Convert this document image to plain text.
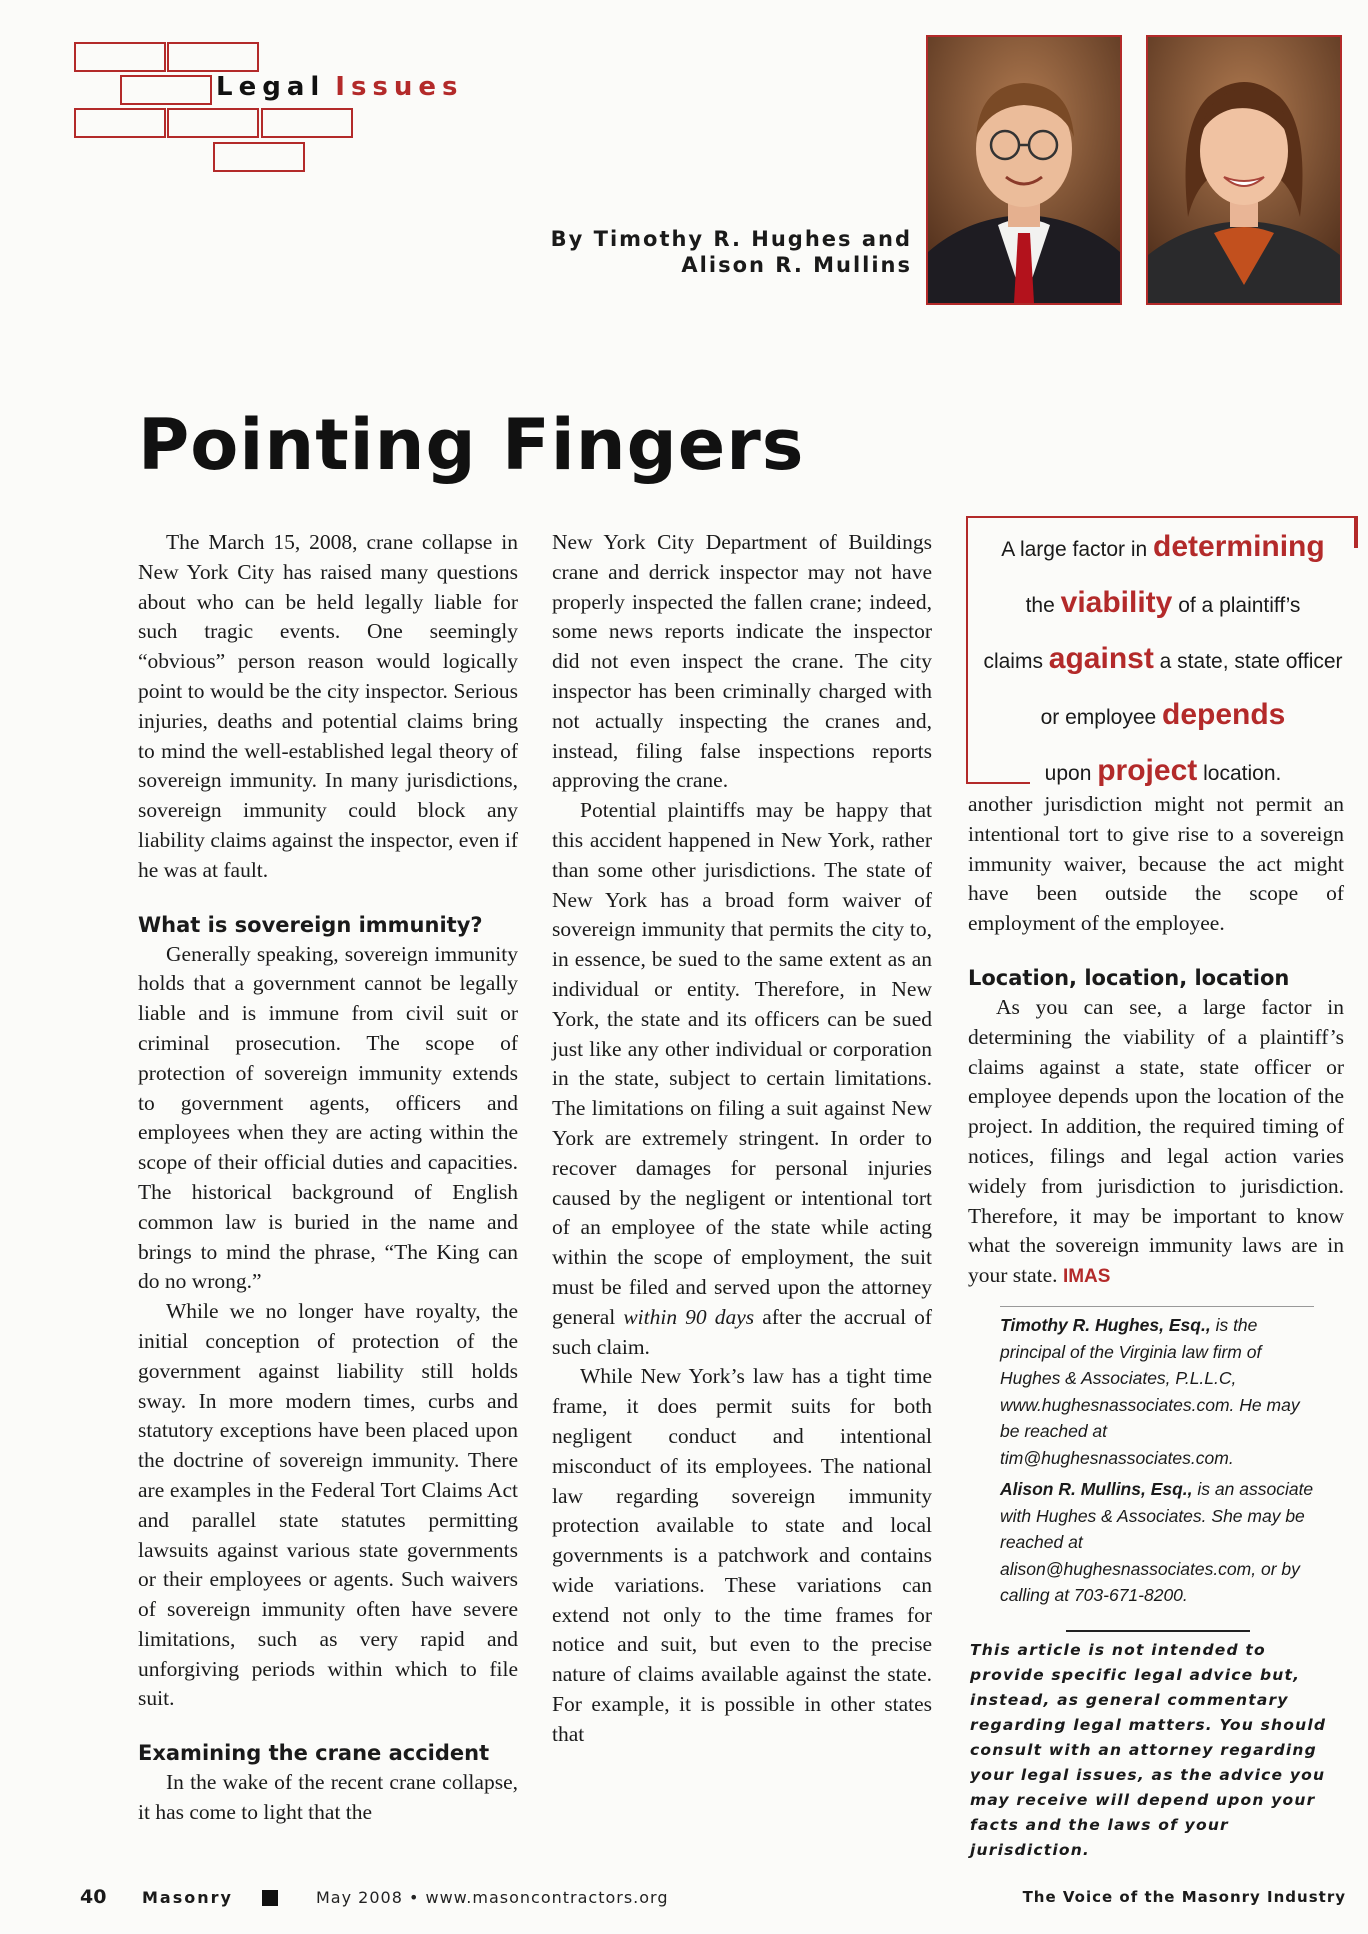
Legal Issues
By Timothy R. Hughes and
Alison R. Mullins
Pointing Fingers

The March 15, 2008, crane collapse in New York City has raised many questions about who can be held legally liable for such tragic events. One seemingly “obvious” person reason would logically point to would be the city inspector. Serious injuries, deaths and potential claims bring to mind the well-established legal theory of sovereign immunity. In many jurisdictions, sovereign immunity could block any liability claims against the inspector, even if he was at fault.

What is sovereign immunity?

Generally speaking, sovereign immunity holds that a government cannot be legally liable and is immune from civil suit or criminal prosecution. The scope of protection of sovereign immunity extends to government agents, officers and employees when they are acting within the scope of their official duties and capacities. The historical background of English common law is buried in the name and brings to mind the phrase, “The King can do no wrong.”

While we no longer have royalty, the initial conception of protection of the government against liability still holds sway. In more modern times, curbs and statutory exceptions have been placed upon the doctrine of sovereign immunity. There are examples in the Federal Tort Claims Act and parallel state statutes permitting lawsuits against various state governments or their employees or agents. Such waivers of sovereign immunity often have severe limitations, such as very rapid and unforgiving periods within which to file suit.

Examining the crane accident

In the wake of the recent crane collapse, it has come to light that the

New York City Department of Buildings crane and derrick inspector may not have properly inspected the fallen crane; indeed, some news reports indicate the inspector did not even inspect the crane. The city inspector has been criminally charged with not actually inspecting the cranes and, instead, filing false inspections reports approving the crane.

Potential plaintiffs may be happy that this accident happened in New York, rather than some other jurisdictions. The state of New York has a broad form waiver of sovereign immunity that permits the city to, in essence, be sued to the same extent as an individual or entity. Therefore, in New York, the state and its officers can be sued just like any other individual or corporation in the state, subject to certain limitations. The limitations on filing a suit against New York are extremely stringent. In order to recover damages for personal injuries caused by the negligent or intentional tort of an employee of the state while acting within the scope of employment, the suit must be filed and served upon the attorney general within 90 days after the accrual of such claim.

While New York’s law has a tight time frame, it does permit suits for both negligent conduct and intentional misconduct of its employees. The national law regarding sovereign immunity protection available to state and local governments is a patchwork and contains wide variations. These variations can extend not only to the time frames for notice and suit, but even to the precise nature of claims available against the state. For example, it is possible in other states that

A large factor in determining
the viability of a plaintiff’s
claims against a state, state officer
or employee depends
upon project location.

another jurisdiction might not permit an intentional tort to give rise to a sovereign immunity waiver, because the act might have been outside the scope of employment of the employee.

Location, location, location

As you can see, a large factor in determining the viability of a plaintiff’s claims against a state, state officer or employee depends upon the location of the project. In addition, the required timing of notices, filings and legal action varies widely from jurisdiction to jurisdiction. Therefore, it may be important to know what the sovereign immunity laws are in your state. IMAS

Timothy R. Hughes, Esq., is the principal of the Virginia law firm of Hughes & Associates, P.L.L.C, www.hughesnassociates.com. He may be reached at tim@hughesnassociates.com.
Alison R. Mullins, Esq., is an associate with Hughes & Associates. She may be reached at alison@hughesnassociates.com, or by calling at 703-671-8200.
This article is not intended to provide specific legal advice but, instead, as general commentary regarding legal matters. You should consult with an attorney regarding your legal issues, as the advice you may receive will depend upon your facts and the laws of your jurisdiction.
40 Masonry	May 2008 • www.masoncontractors.org	The Voice of the Masonry Industry
